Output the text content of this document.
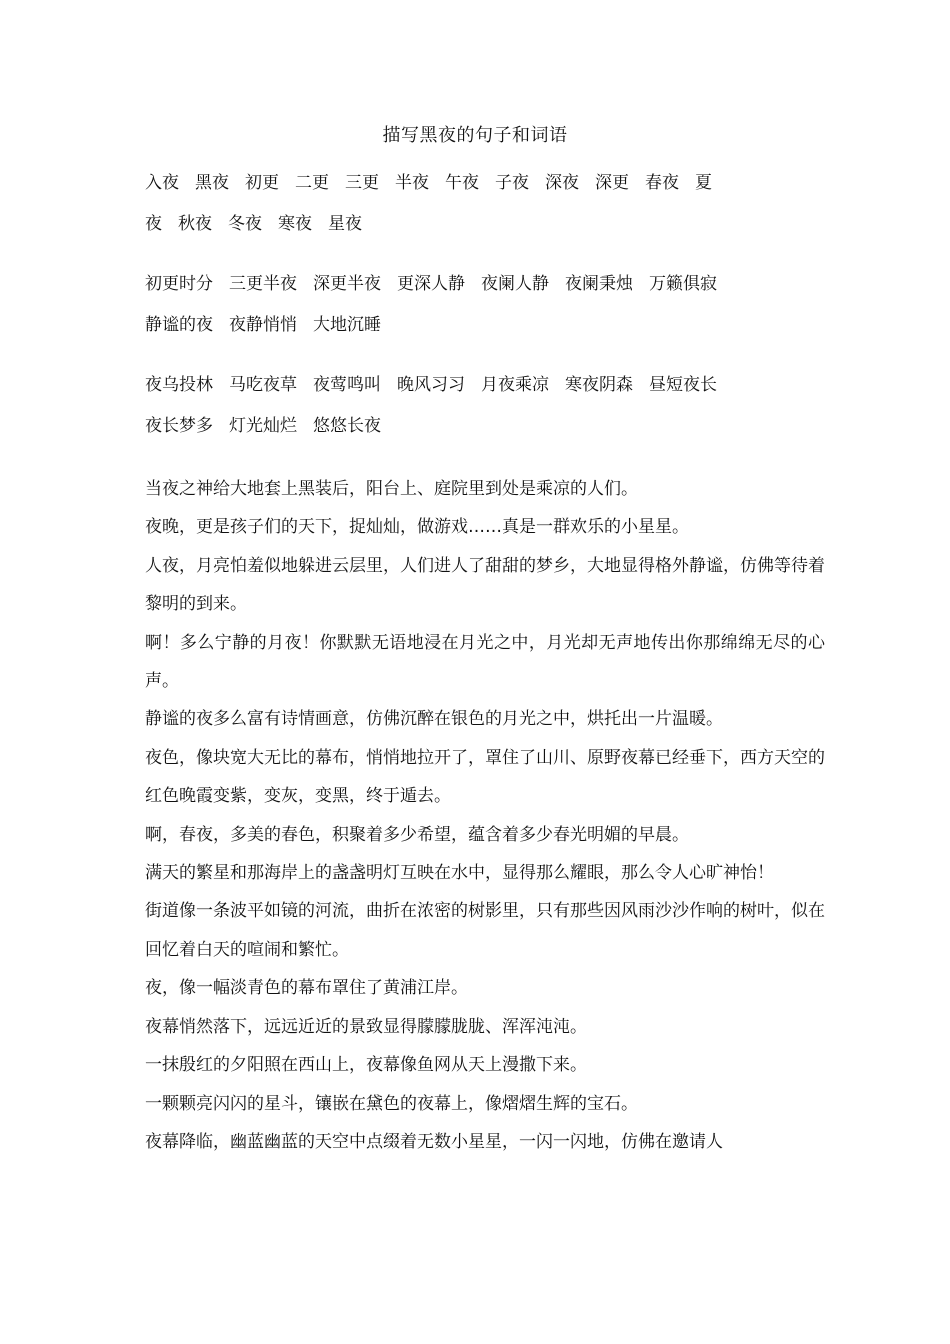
描写黑夜的句子和词语
入夜 黑夜 初更 二更 三更 半夜 午夜 子夜 深夜 深更 春夜 夏
夜 秋夜 冬夜 寒夜 星夜
初更时分 三更半夜 深更半夜 更深人静 夜阑人静 夜阑秉烛 万籁俱寂
静谧的夜 夜静悄悄 大地沉睡
夜乌投林 马吃夜草 夜莺鸣叫 晚风习习 月夜乘凉 寒夜阴森 昼短夜长
夜长梦多 灯光灿烂 悠悠长夜

当夜之神给大地套上黑装后，阳台上、庭院里到处是乘凉的人们。

夜晚，更是孩子们的天下，捉灿灿，做游戏……真是一群欢乐的小星星。

人夜，月亮怕羞似地躲进云层里，人们进人了甜甜的梦乡，大地显得格外静谧，仿佛等待着黎明的到来。

啊！多么宁静的月夜！你默默无语地浸在月光之中，月光却无声地传出你那绵绵无尽的心声。

静谧的夜多么富有诗情画意，仿佛沉醉在银色的月光之中，烘托出一片温暖。

夜色，像块宽大无比的幕布，悄悄地拉开了，罩住了山川、原野夜幕已经垂下，西方天空的红色晚霞变紫，变灰，变黑，终于遁去。

啊，春夜，多美的春色，积聚着多少希望，蕴含着多少春光明媚的早晨。

满天的繁星和那海岸上的盏盏明灯互映在水中，显得那么耀眼，那么令人心旷神怡！

街道像一条波平如镜的河流，曲折在浓密的树影里，只有那些因风雨沙沙作响的树叶，似在回忆着白天的喧闹和繁忙。

夜，像一幅淡青色的幕布罩住了黄浦江岸。

夜幕悄然落下，远远近近的景致显得朦朦胧胧、浑浑沌沌。

一抹殷红的夕阳照在西山上，夜幕像鱼网从天上漫撒下来。

一颗颗亮闪闪的星斗，镶嵌在黛色的夜幕上，像熠熠生辉的宝石。

夜幕降临，幽蓝幽蓝的天空中点缀着无数小星星，一闪一闪地，仿佛在邀请人
